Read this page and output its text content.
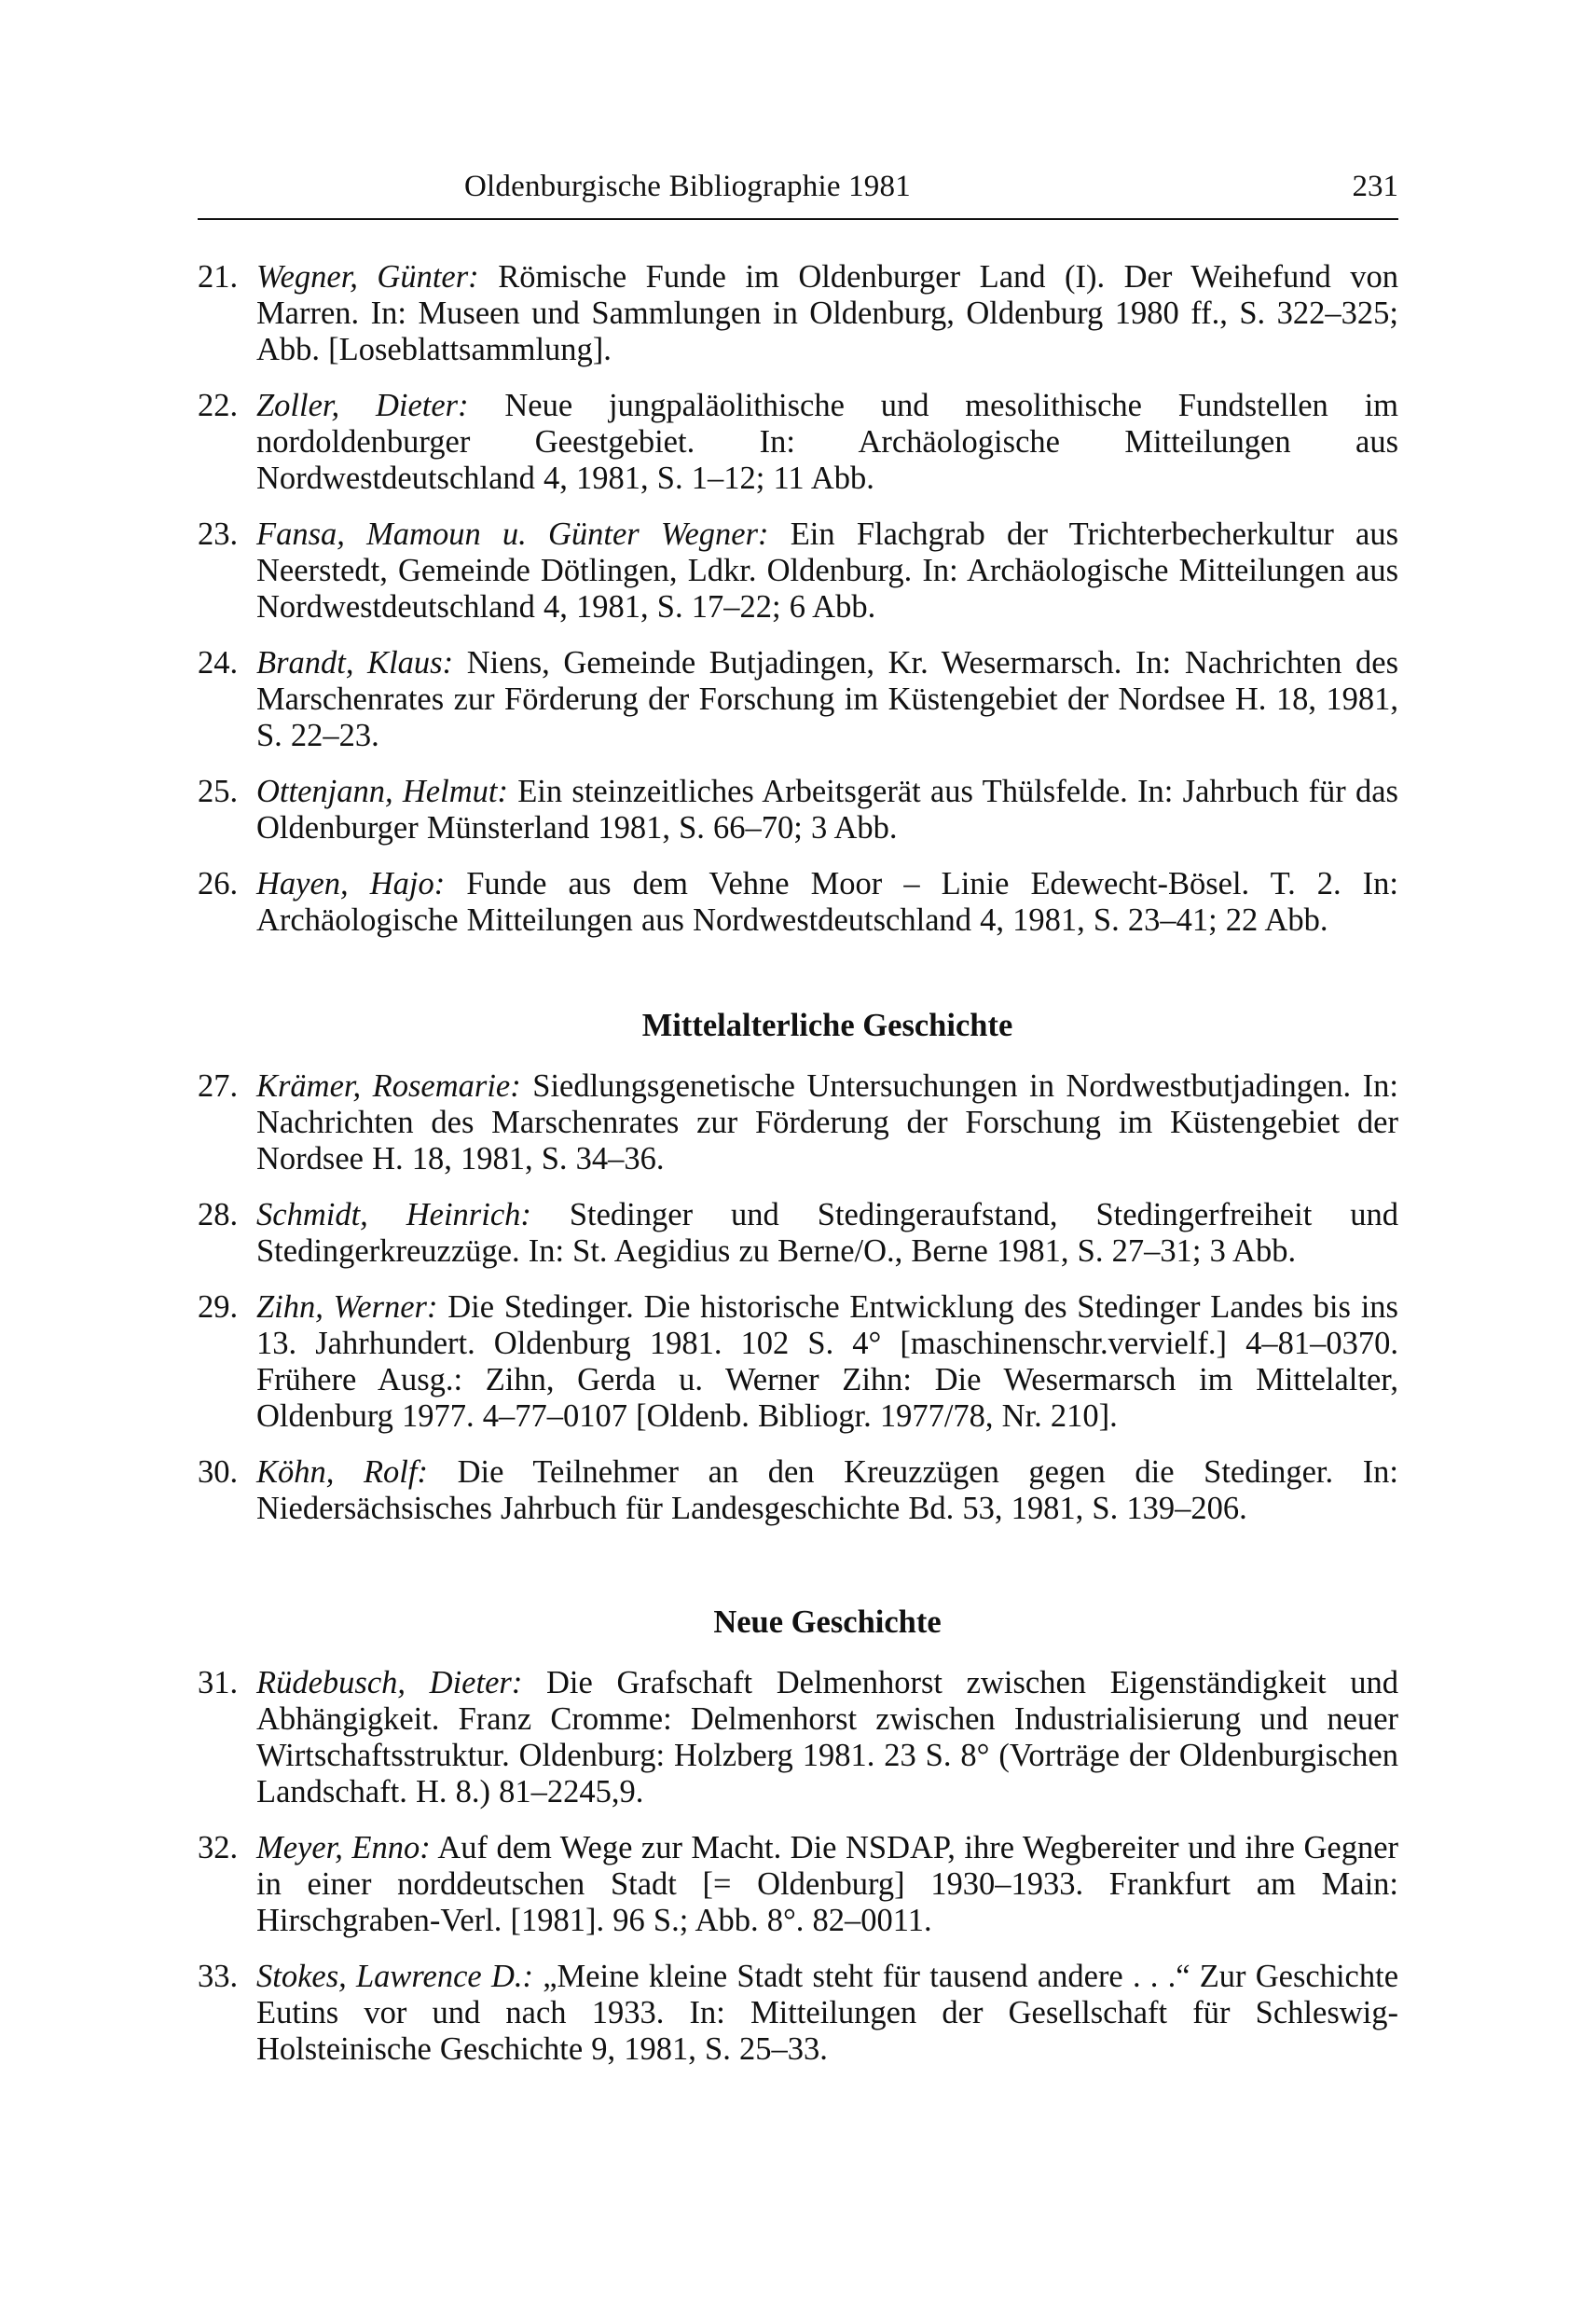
Oldenburgische Bibliographie 1981	231
21. Wegner, Günter: Römische Funde im Oldenburger Land (I). Der Weihefund von Marren. In: Museen und Sammlungen in Oldenburg, Oldenburg 1980 ff., S. 322–325; Abb. [Loseblattsammlung].
22. Zoller, Dieter: Neue jungpaläolithische und mesolithische Fundstellen im nordoldenburger Geestgebiet. In: Archäologische Mitteilungen aus Nordwestdeutschland 4, 1981, S. 1–12; 11 Abb.
23. Fansa, Mamoun u. Günter Wegner: Ein Flachgrab der Trichterbecherkultur aus Neerstedt, Gemeinde Dötlingen, Ldkr. Oldenburg. In: Archäologische Mitteilungen aus Nordwestdeutschland 4, 1981, S. 17–22; 6 Abb.
24. Brandt, Klaus: Niens, Gemeinde Butjadingen, Kr. Wesermarsch. In: Nachrichten des Marschenrates zur Förderung der Forschung im Küstengebiet der Nordsee H. 18, 1981, S. 22–23.
25. Ottenjann, Helmut: Ein steinzeitliches Arbeitsgerät aus Thülsfelde. In: Jahrbuch für das Oldenburger Münsterland 1981, S. 66–70; 3 Abb.
26. Hayen, Hajo: Funde aus dem Vehne Moor – Linie Edewecht-Bösel. T. 2. In: Archäologische Mitteilungen aus Nordwestdeutschland 4, 1981, S. 23–41; 22 Abb.
Mittelalterliche Geschichte
27. Krämer, Rosemarie: Siedlungsgenetische Untersuchungen in Nordwestbutjadingen. In: Nachrichten des Marschenrates zur Förderung der Forschung im Küstengebiet der Nordsee H. 18, 1981, S. 34–36.
28. Schmidt, Heinrich: Stedinger und Stedingeraufstand, Stedingerfreiheit und Stedingerkreuzzüge. In: St. Aegidius zu Berne/O., Berne 1981, S. 27–31; 3 Abb.
29. Zihn, Werner: Die Stedinger. Die historische Entwicklung des Stedinger Landes bis ins 13. Jahrhundert. Oldenburg 1981. 102 S. 4° [maschinenschr.vervielf.] 4–81–0370. Frühere Ausg.: Zihn, Gerda u. Werner Zihn: Die Wesermarsch im Mittelalter, Oldenburg 1977. 4–77–0107 [Oldenb. Bibliogr. 1977/78, Nr. 210].
30. Köhn, Rolf: Die Teilnehmer an den Kreuzzügen gegen die Stedinger. In: Niedersächsisches Jahrbuch für Landesgeschichte Bd. 53, 1981, S. 139–206.
Neue Geschichte
31. Rüdebusch, Dieter: Die Grafschaft Delmenhorst zwischen Eigenständigkeit und Abhängigkeit. Franz Cromme: Delmenhorst zwischen Industrialisierung und neuer Wirtschaftsstruktur. Oldenburg: Holzberg 1981. 23 S. 8° (Vorträge der Oldenburgischen Landschaft. H. 8.) 81–2245,9.
32. Meyer, Enno: Auf dem Wege zur Macht. Die NSDAP, ihre Wegbereiter und ihre Gegner in einer norddeutschen Stadt [= Oldenburg] 1930–1933. Frankfurt am Main: Hirschgraben-Verl. [1981]. 96 S.; Abb. 8°. 82–0011.
33. Stokes, Lawrence D.: „Meine kleine Stadt steht für tausend andere . . .“ Zur Geschichte Eutins vor und nach 1933. In: Mitteilungen der Gesellschaft für Schleswig-Holsteinische Geschichte 9, 1981, S. 25–33.
